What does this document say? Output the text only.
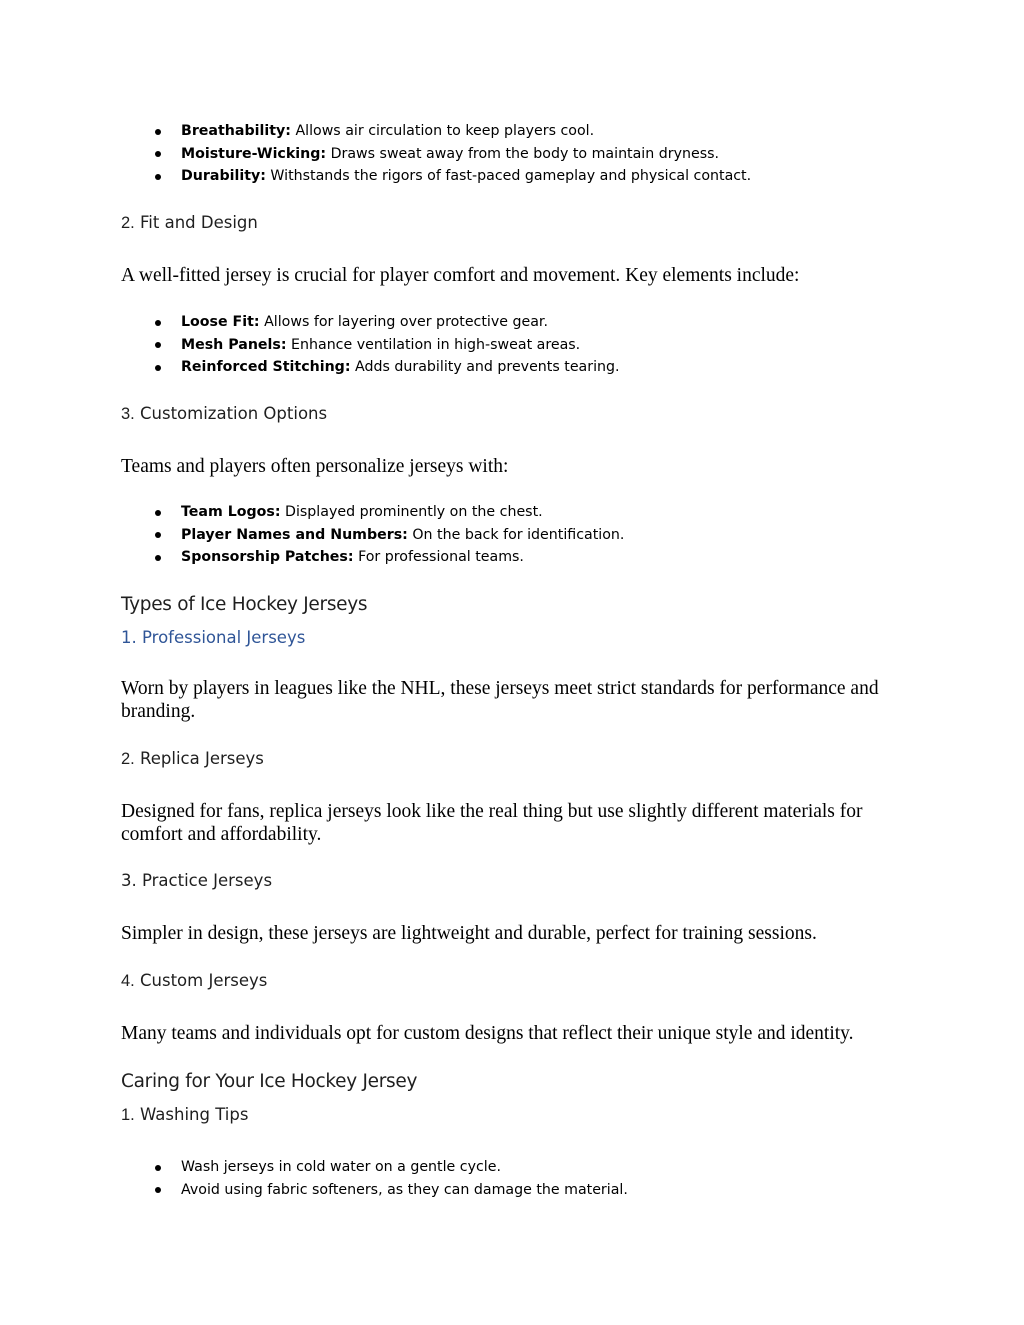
Breathability: Allows air circulation to keep players cool.
Moisture-Wicking: Draws sweat away from the body to maintain dryness.
Durability: Withstands the rigors of fast-paced gameplay and physical contact.
2. Fit and Design
A well-fitted jersey is crucial for player comfort and movement. Key elements include:
Loose Fit: Allows for layering over protective gear.
Mesh Panels: Enhance ventilation in high-sweat areas.
Reinforced Stitching: Adds durability and prevents tearing.
3. Customization Options
Teams and players often personalize jerseys with:
Team Logos: Displayed prominently on the chest.
Player Names and Numbers: On the back for identification.
Sponsorship Patches: For professional teams.
Types of Ice Hockey Jerseys
1. Professional Jerseys
Worn by players in leagues like the NHL, these jerseys meet strict standards for performance and branding.
2. Replica Jerseys
Designed for fans, replica jerseys look like the real thing but use slightly different materials for comfort and affordability.
3. Practice Jerseys
Simpler in design, these jerseys are lightweight and durable, perfect for training sessions.
4. Custom Jerseys
Many teams and individuals opt for custom designs that reflect their unique style and identity.
Caring for Your Ice Hockey Jersey
1. Washing Tips
Wash jerseys in cold water on a gentle cycle.
Avoid using fabric softeners, as they can damage the material.
